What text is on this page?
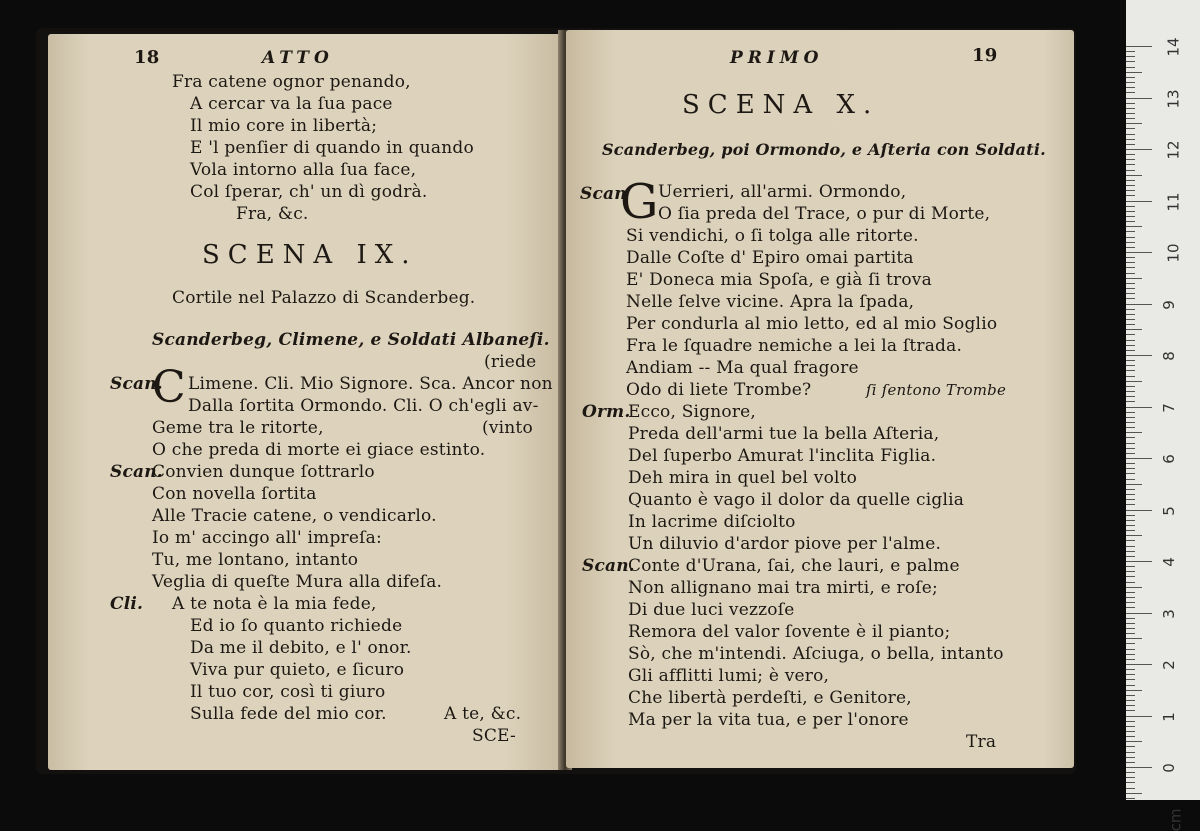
18	ATTO
Fra catene ognor penando,
A cercar va la ſua pace
Il mio core in libertà;
E 'l penſier di quando in quando
Vola intorno alla ſua face,
Col ſperar, ch' un dì godrà.
Fra, &c.
SCENA IX.
Cortile nel Palazzo di Scanderbeg.
Scanderbeg, Climene, e Soldati Albaneſi.
(riede
Scan.
C Limene. Cli. Mio Signore. Sca. Ancor non
Dalla ſortita Ormondo. Cli. O ch'egli av-
Geme tra le ritorte,	(vinto
O che preda di morte ei giace estinto.
Scan.
Convien dunque ſottrarlo
Con novella ſortita
Alle Tracie catene, o vendicarlo.
Io m' accingo all' impreſa:
Tu, me lontano, intanto
Veglia di queſte Mura alla difeſa.
Cli. A te nota è la mia fede,
Ed io ſo quanto richiede
Da me il debito, e l' onor.
Viva pur quieto, e ſicuro
Il tuo cor, così ti giuro
Sulla fede del mio cor.	A te, &c.
SCE-
PRIMO	19
SCENA X.
Scanderbeg, poi Ormondo, e Aſteria con Soldati.
Scan
G Uerrieri, all'armi. Ormondo,
O ſia preda del Trace, o pur di Morte,
Si vendichi, o ſi tolga alle ritorte.
Dalle Coſte d' Epiro omai partita
E' Doneca mia Spoſa, e già ſi trova
Nelle ſelve vicine. Apra la ſpada,
Per condurla al mio letto, ed al mio Soglio
Fra le ſquadre nemiche a lei la ſtrada.
Andiam -- Ma qual fragore
Odo di liete Trombe?	ſi ſentono Trombe
Orm.
Ecco, Signore,
Preda dell'armi tue la bella Aſteria,
Del ſuperbo Amurat l'inclita Figlia.
Deh mira in quel bel volto
Quanto è vago il dolor da quelle ciglia
In lacrime diſciolto
Un diluvio d'ardor piove per l'alme.
Scan.
Conte d'Urana, ſai, che lauri, e palme
Non allignano mai tra mirti, e roſe;
Di due luci vezzoſe
Remora del valor ſovente è il pianto;
Sò, che m'intendi. Aſciuga, o bella, intanto
Gli afflitti lumi; è vero,
Che libertà perdeſti, e Genitore,
Ma per la vita tua, e per l'onore
Tra
14
13
12
11
10
9
8
7
6
5
4
3
2
1
0
cm
